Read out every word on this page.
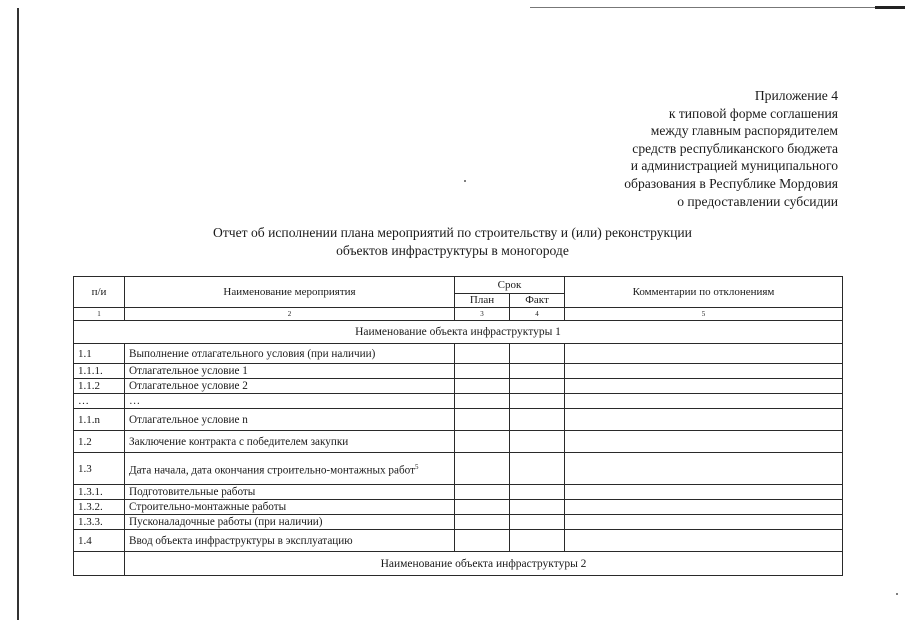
Приложение 4
к типовой форме соглашения
между главным распорядителем
средств республиканского бюджета
и администрацией муниципального
образования в Республике Мордовия
о предоставлении субсидии
Отчет об исполнении плана мероприятий по строительству и (или) реконструкции
объектов инфраструктуры в моногороде
п/и	Наименование мероприятия	Срок		Комментарии по отклонениям
		План	Факт	
1	2	3	4	5
Наименование объекта инфраструктуры 1				
1.1	Выполнение отлагательного условия (при наличии)			
1.1.1.	Отлагательное условие 1			
1.1.2	Отлагательное условие 2			
…	…			
1.1.n	Отлагательное условие n			
1.2	Заключение контракта с победителем закупки			
1.3	Дата начала, дата окончания строительно-монтажных работ$^5$			
1.3.1.	Подготовительные работы			
1.3.2.	Строительно-монтажные работы			
1.3.3.	Пусконаладочные работы (при наличии)			
1.4	Ввод объекта инфраструктуры в эксплуатацию			
	Наименование объекта инфраструктуры 2			
